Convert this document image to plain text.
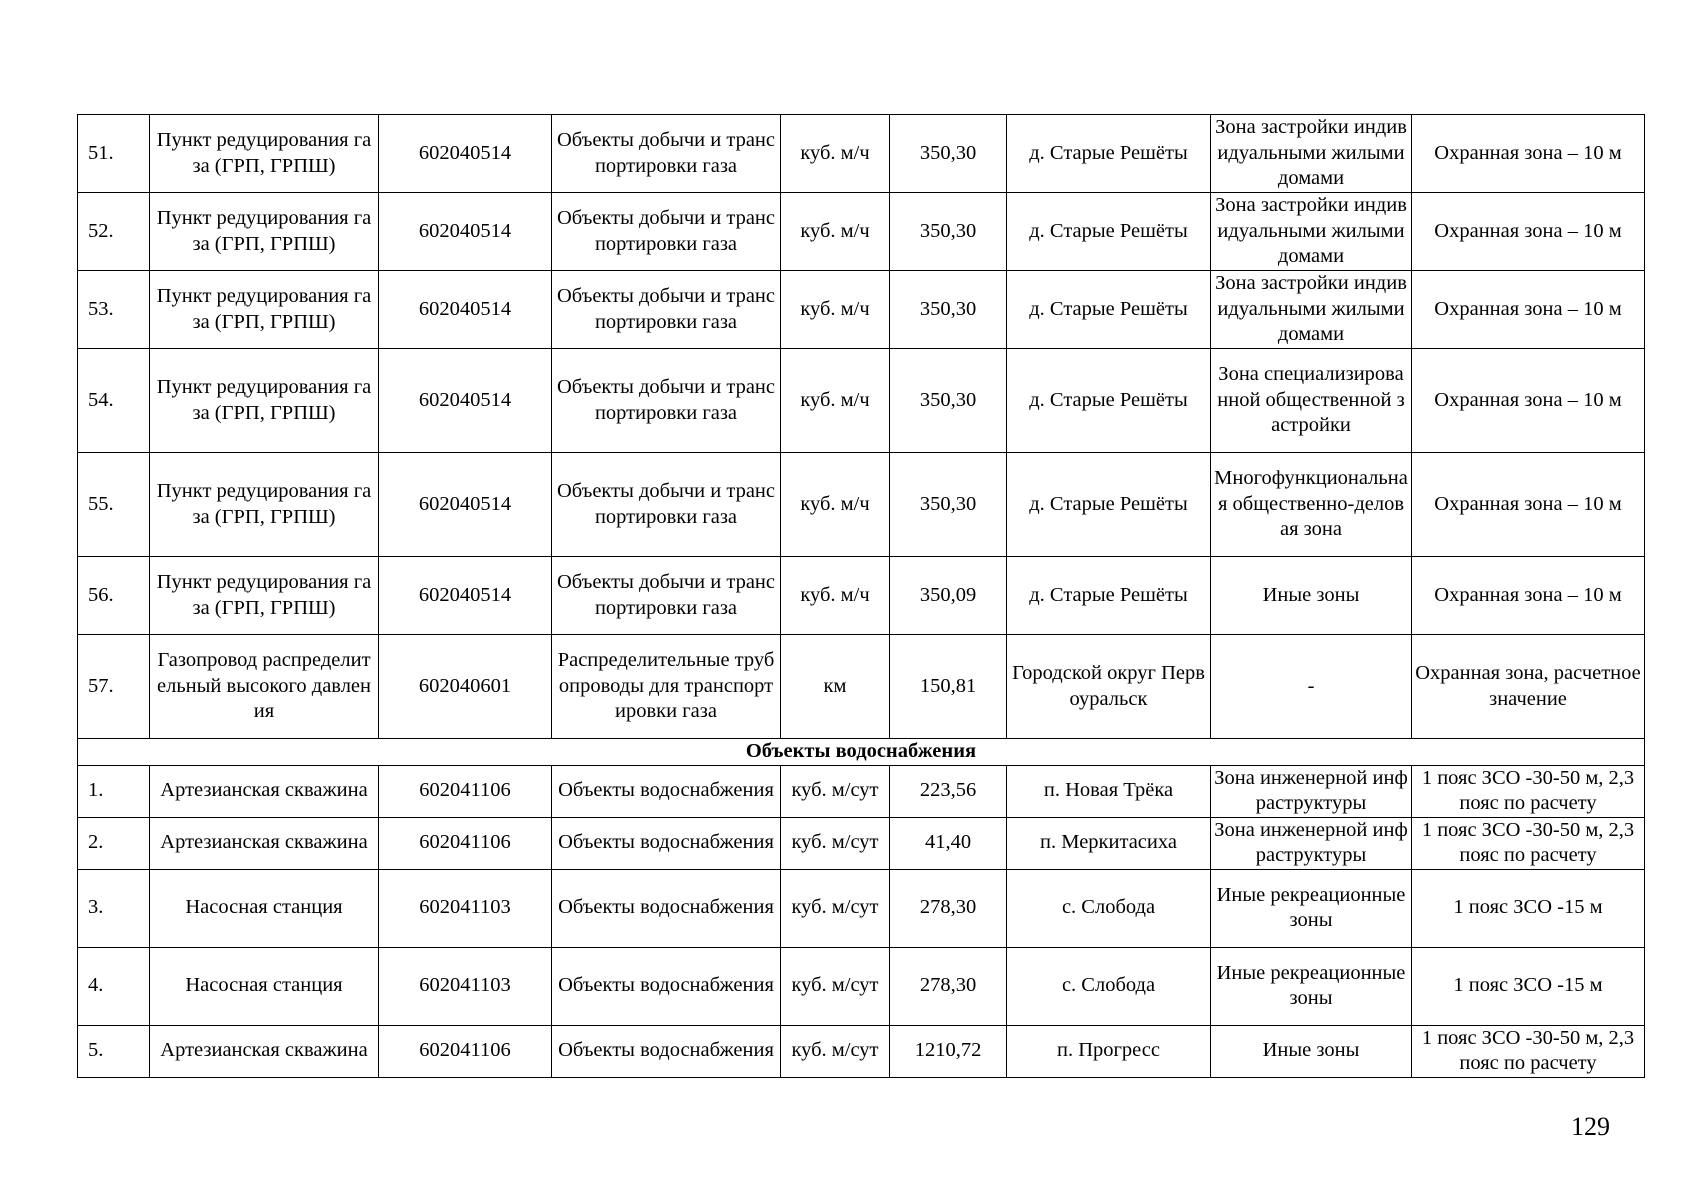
51.	Пункт редуцирования газа (ГРП, ГРПШ)	602040514	Объекты добычи и транспортировки газа	куб. м/ч	350,30	д. Старые Решёты	Зона застройки индивидуальными жилыми домами	Охранная зона – 10 м
52.	Пункт редуцирования газа (ГРП, ГРПШ)	602040514	Объекты добычи и транспортировки газа	куб. м/ч	350,30	д. Старые Решёты	Зона застройки индивидуальными жилыми домами	Охранная зона – 10 м
53.	Пункт редуцирования газа (ГРП, ГРПШ)	602040514	Объекты добычи и транспортировки газа	куб. м/ч	350,30	д. Старые Решёты	Зона застройки индивидуальными жилыми домами	Охранная зона – 10 м
54.	Пункт редуцирования газа (ГРП, ГРПШ)	602040514	Объекты добычи и транспортировки газа	куб. м/ч	350,30	д. Старые Решёты	Зона специализированной общественной застройки	Охранная зона – 10 м
55.	Пункт редуцирования газа (ГРП, ГРПШ)	602040514	Объекты добычи и транспортировки газа	куб. м/ч	350,30	д. Старые Решёты	Многофункциональная общественно-деловая зона	Охранная зона – 10 м
56.	Пункт редуцирования газа (ГРП, ГРПШ)	602040514	Объекты добычи и транспортировки газа	куб. м/ч	350,09	д. Старые Решёты	Иные зоны	Охранная зона – 10 м
57.	Газопровод распределительный высокого давления	602040601	Распределительные трубопроводы для транспортировки газа	км	150,81	Городской округ Первоуральск	-	Охранная зона, расчетное значение
Объекты водоснабжения								
1.	Артезианская скважина	602041106	Объекты водоснабжения	куб. м/сут	223,56	п. Новая Трёка	Зона инженерной инфраструктуры	1 пояс ЗСО -30-50 м, 2,3 пояс по расчету
2.	Артезианская скважина	602041106	Объекты водоснабжения	куб. м/сут	41,40	п. Меркитасиха	Зона инженерной инфраструктуры	1 пояс ЗСО -30-50 м, 2,3 пояс по расчету
3.	Насосная станция	602041103	Объекты водоснабжения	куб. м/сут	278,30	с. Слобода	Иные рекреационные зоны	1 пояс ЗСО -15 м
4.	Насосная станция	602041103	Объекты водоснабжения	куб. м/сут	278,30	с. Слобода	Иные рекреационные зоны	1 пояс ЗСО -15 м
5.	Артезианская скважина	602041106	Объекты водоснабжения	куб. м/сут	1210,72	п. Прогресс	Иные зоны	1 пояс ЗСО -30-50 м, 2,3 пояс по расчету
129
